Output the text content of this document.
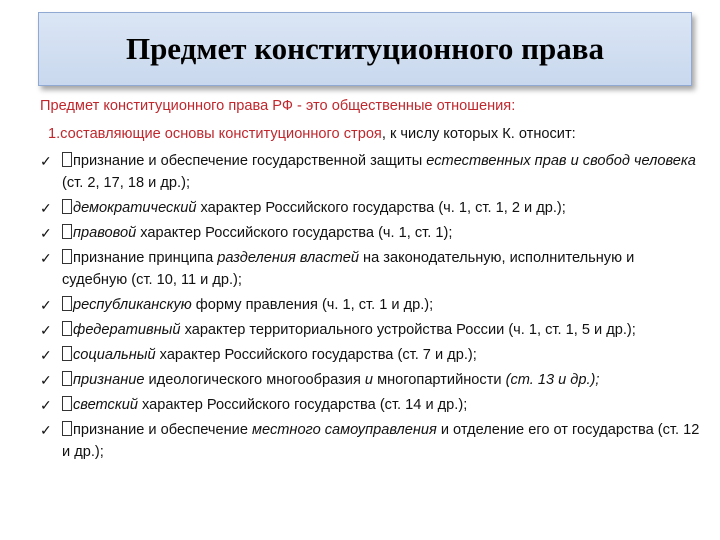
Предмет конституционного права
Предмет конституционного права РФ - это общественные отношения:
1.составляющие основы конституционного строя, к числу которых К. относит:
✓ признание и обеспечение государственной защиты естественных прав и свобод человека (ст. 2, 17, 18 и др.);
✓ демократический характер Российского государства (ч. 1, ст. 1, 2 и др.);
✓ правовой характер Российского государства (ч. 1, ст. 1);
✓ признание принципа разделения властей на законодательную, исполнительную и судебную (ст. 10, 11 и др.);
✓ республиканскую форму правления (ч. 1, ст. 1 и др.);
✓ федеративный характер территориального устройства России (ч. 1, ст. 1, 5 и др.);
✓ социальный характер Российского государства (ст. 7 и др.);
✓ признание идеологического многообразия и многопартийности (ст. 13 и др.);
✓ светский характер Российского государства (ст. 14 и др.);
✓ признание и обеспечение местного самоуправления и отделение его от государства (ст. 12 и др.);
